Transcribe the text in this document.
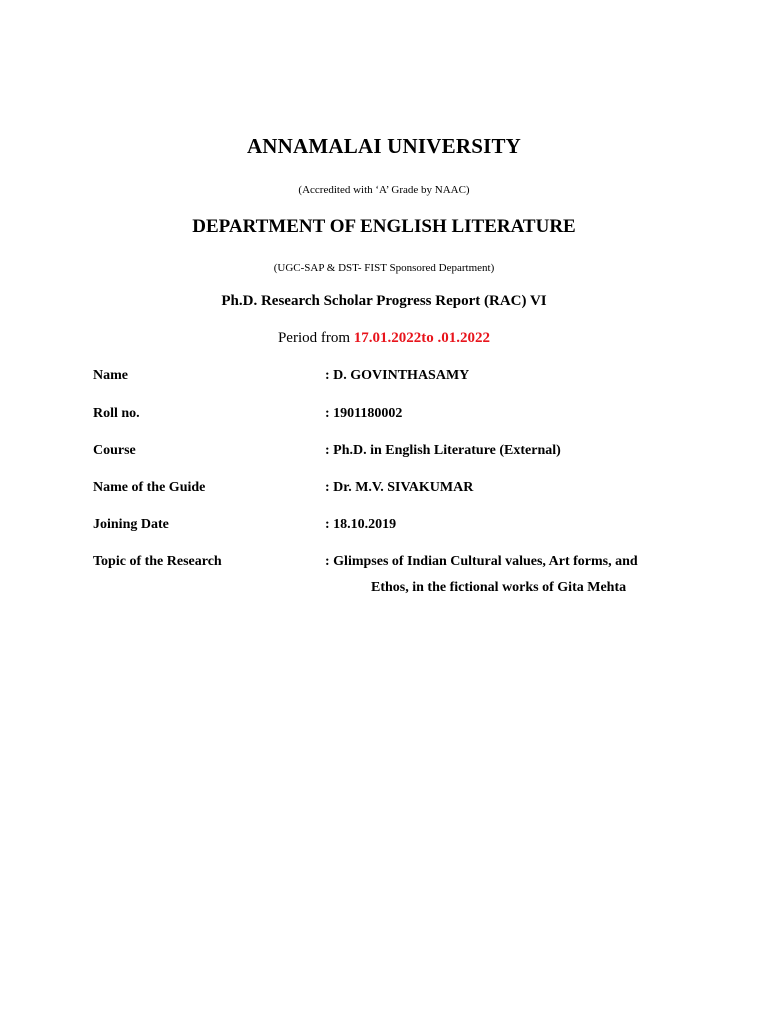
ANNAMALAI UNIVERSITY
(Accredited with ‘A’ Grade by NAAC)
DEPARTMENT OF ENGLISH LITERATURE
(UGC-SAP & DST- FIST Sponsored Department)
Ph.D. Research Scholar Progress Report (RAC) VI
Period from 17.01.2022to .01.2022
Name	: D. GOVINTHASAMY
Roll no.	: 1901180002
Course	: Ph.D. in English Literature (External)
Name of the Guide	: Dr. M.V. SIVAKUMAR
Joining Date	: 18.10.2019
Topic of the Research	: Glimpses of Indian Cultural values, Art forms, and
Ethos, in the fictional works of Gita Mehta
